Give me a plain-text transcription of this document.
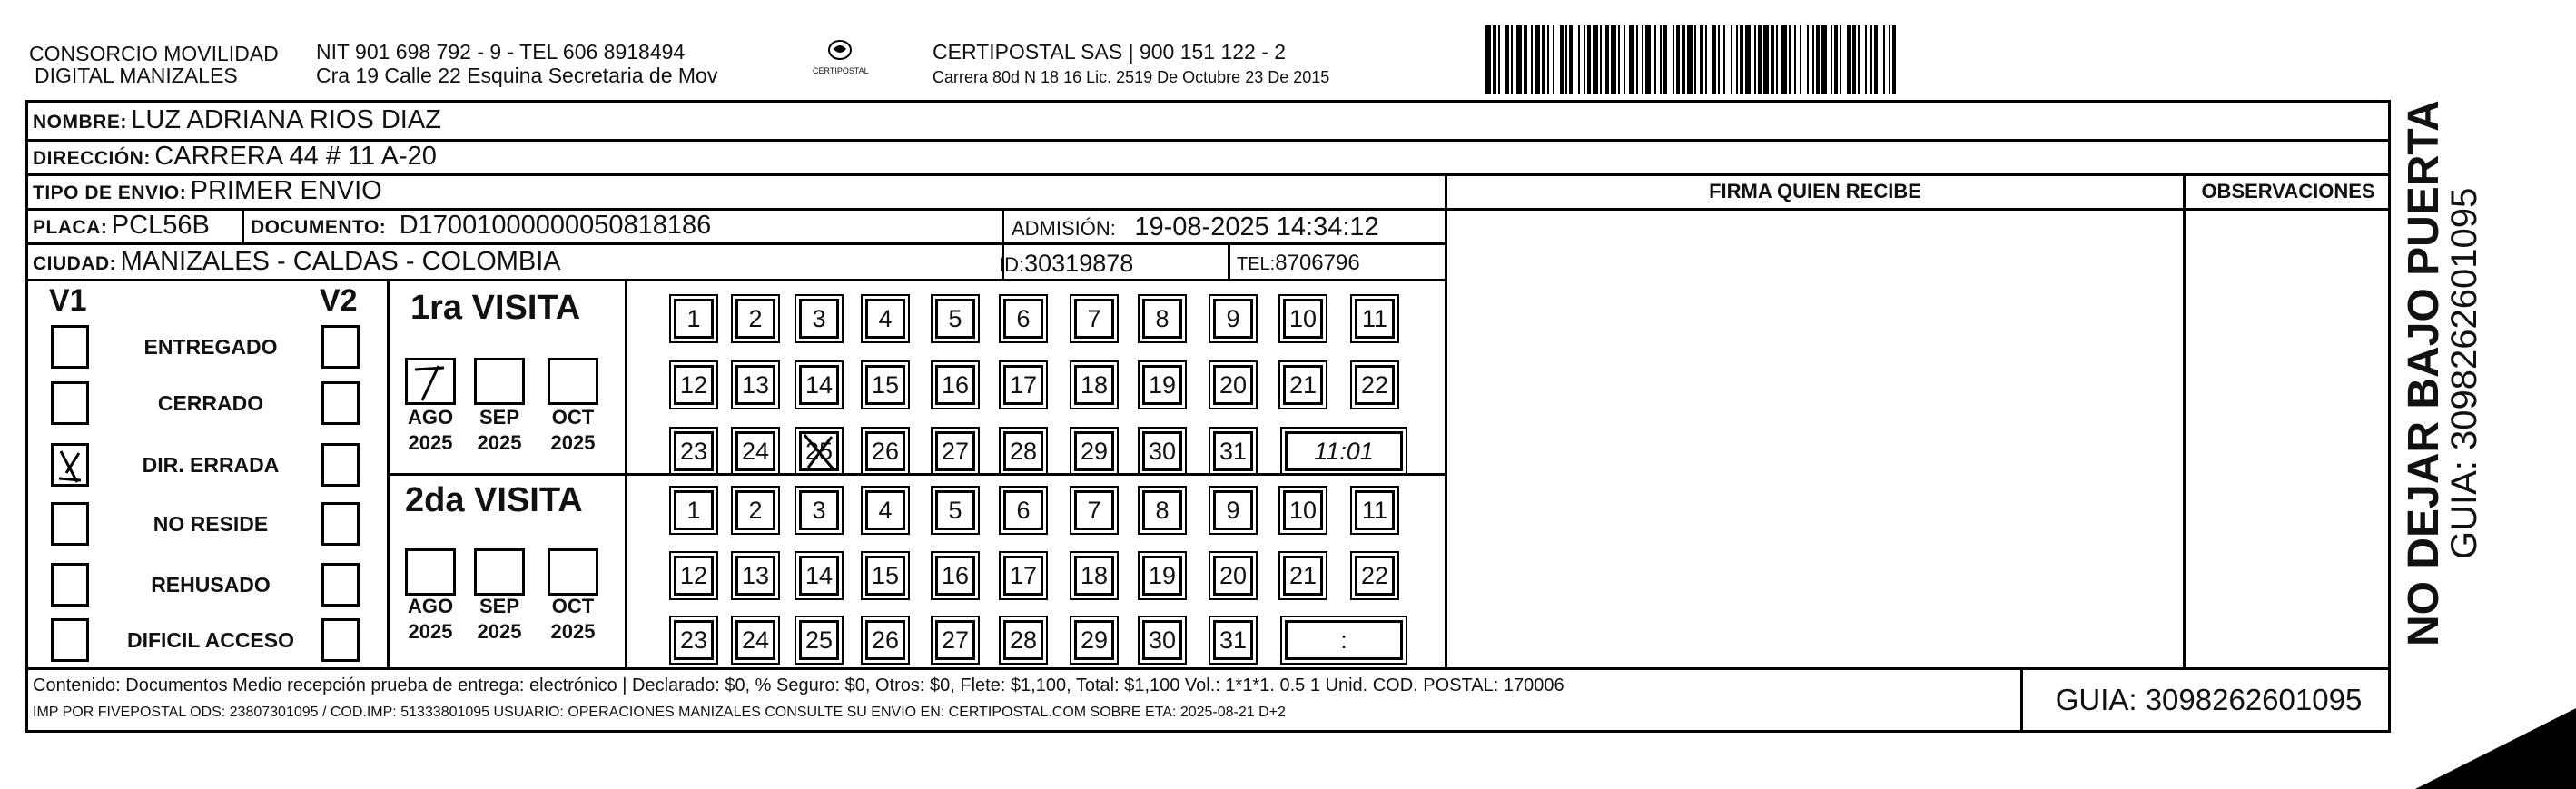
CONSORCIO MOVILIDAD
DIGITAL MANIZALES
NIT 901 698 792 - 9 - TEL 606 8918494
Cra 19 Calle 22 Esquina Secretaria de Mov	CERTIPOSTAL
CERTIPOSTAL SAS | 900 151 122 - 2
Carrera 80d N 18 16 Lic. 2519 De Octubre 23 De 2015
NOMBRE: LUZ ADRIANA RIOS DIAZ
DIRECCIÓN: CARRERA 44 # 11 A-20
TIPO DE ENVIO: PRIMER ENVIO
PLACA: PCL56B DOCUMENTO: D17001000000050818186	ADMISIÓN: 19-08-2025 14:34:12
CIUDAD: MANIZALES - CALDAS - COLOMBIA	ID:30319878	TEL:8706796
FIRMA QUIEN RECIBE	OBSERVACIONES
V1	V2
ENTREGADO
CERRADO
DIR. ERRADA
NO RESIDE
REHUSADO
DIFICIL ACCESO
1ra VISITA
2da VISITA
AGO
2025
SEP
2025
OCT
2025
AGO
2025
SEP
2025
OCT
2025
1	2	3	4	5	6	7	8	9	10 11
12 13 14 15 16 17 18 19 20 21 22
23 24 25 26 27 28 29 30 31	11:01
1	2	3	4	5	6	7	8	9	10 11
12 13 14 15 16 17 18 19 20 21 22
23 24 25 26 27 28 29 30 31	:
Contenido: Documentos Medio recepción prueba de entrega: electrónico | Declarado: $0, % Seguro: $0, Otros: $0, Flete: $1,100, Total: $1,100 Vol.: 1*1*1. 0.5 1 Unid. COD. POSTAL: 170006
IMP POR FIVEPOSTAL ODS: 23807301095 / COD.IMP: 51333801095 USUARIO: OPERACIONES MANIZALES CONSULTE SU ENVIO EN: CERTIPOSTAL.COM SOBRE ETA: 2025-08-21 D+2	GUIA: 3098262601095
NO DEJAR BAJO PUERTA
GUIA: 3098262601095
